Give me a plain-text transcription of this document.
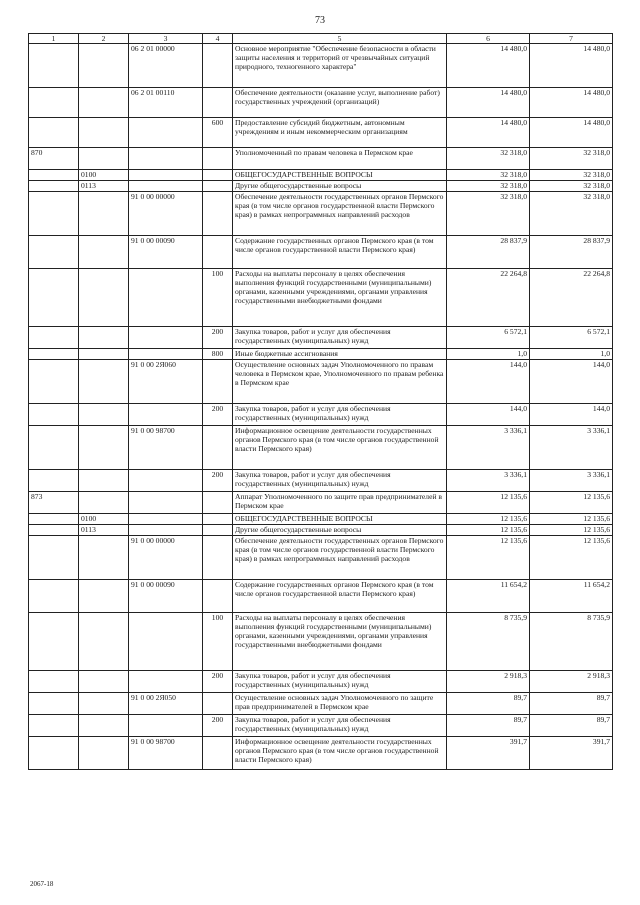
73
1	2	3	4	5	6	7
		06 2 01 00000		Основное мероприятие "Обеспечение безопасности в области защиты населения и территорий от чрезвычайных ситуаций природного, техногенного характера"	14 480,0	14 480,0
		06 2 01 00110		Обеспечение деятельности (оказание услуг, выполнение работ) государственных учреждений (организаций)	14 480,0	14 480,0
			600	Предоставление субсидий бюджетным, автономным учреждениям и иным некоммерческим организациям	14 480,0	14 480,0
870				Уполномоченный по правам человека в Пермском крае	32 318,0	32 318,0
	0100			ОБЩЕГОСУДАРСТВЕННЫЕ ВОПРОСЫ	32 318,0	32 318,0
	0113			Другие общегосударственные вопросы	32 318,0	32 318,0
		91 0 00 00000		Обеспечение деятельности государственных органов Пермского края (в том числе органов государственной власти Пермского края) в рамках непрограммных направлений расходов	32 318,0	32 318,0
		91 0 00 00090		Содержание государственных органов Пермского края (в том числе органов государственной власти Пермского края)	28 837,9	28 837,9
			100	Расходы на выплаты персоналу в целях обеспечения выполнения функций государственными (муниципальными) органами, казенными учреждениями, органами управления государственными внебюджетными фондами	22 264,8	22 264,8
			200	Закупка товаров, работ и услуг для обеспечения государственных (муниципальных) нужд	6 572,1	6 572,1
			800	Иные бюджетные ассигнования	1,0	1,0
		91 0 00 2Я060		Осуществление основных задач Уполномоченного по правам человека в Пермском крае, Уполномоченного по правам ребенка в Пермском крае	144,0	144,0
			200	Закупка товаров, работ и услуг для обеспечения государственных (муниципальных) нужд	144,0	144,0
		91 0 00 98700		Информационное освещение деятельности государственных органов Пермского края (в том числе органов государственной власти Пермского края)	3 336,1	3 336,1
			200	Закупка товаров, работ и услуг для обеспечения государственных (муниципальных) нужд	3 336,1	3 336,1
873				Аппарат Уполномоченного по защите прав предпринимателей в Пермском крае	12 135,6	12 135,6
	0100			ОБЩЕГОСУДАРСТВЕННЫЕ ВОПРОСЫ	12 135,6	12 135,6
	0113			Другие общегосударственные вопросы	12 135,6	12 135,6
		91 0 00 00000		Обеспечение деятельности государственных органов Пермского края (в том числе органов государственной власти Пермского края) в рамках непрограммных направлений расходов	12 135,6	12 135,6
		91 0 00 00090		Содержание государственных органов Пермского края (в том числе органов государственной власти Пермского края)	11 654,2	11 654,2
			100	Расходы на выплаты персоналу в целях обеспечения выполнения функций государственными (муниципальными) органами, казенными учреждениями, органами управления государственными внебюджетными фондами	8 735,9	8 735,9
			200	Закупка товаров, работ и услуг для обеспечения государственных (муниципальных) нужд	2 918,3	2 918,3
		91 0 00 2Я050		Осуществление основных задач Уполномоченного по защите прав предпринимателей в Пермском крае	89,7	89,7
			200	Закупка товаров, работ и услуг для обеспечения государственных (муниципальных) нужд	89,7	89,7
		91 0 00 98700		Информационное освещение деятельности государственных органов Пермского края (в том числе органов государственной власти Пермского края)	391,7	391,7
2067-18
